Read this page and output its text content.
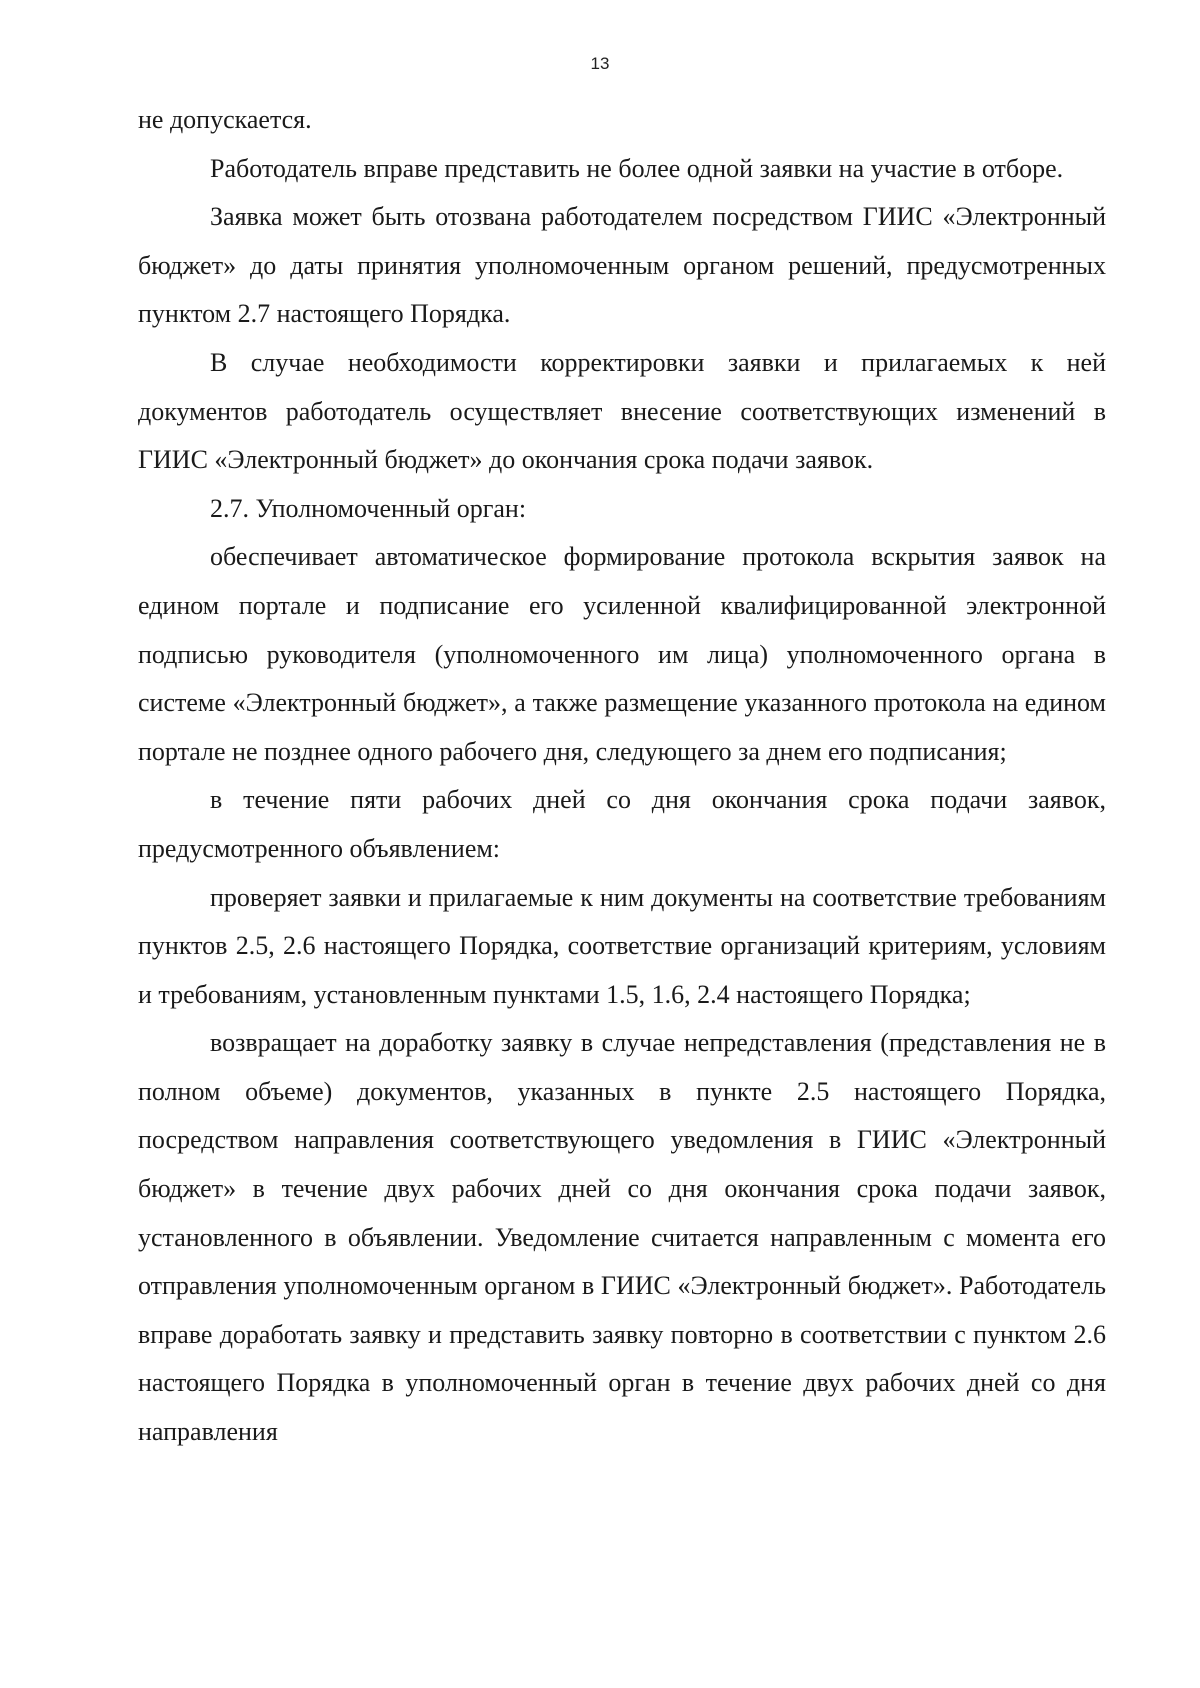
13

не допускается.

Работодатель вправе представить не более одной заявки на участие в отборе.

Заявка может быть отозвана работодателем посредством ГИИС «Электронный бюджет» до даты принятия уполномоченным органом решений, предусмотренных пунктом 2.7 настоящего Порядка.

В случае необходимости корректировки заявки и прилагаемых к ней документов работодатель осуществляет внесение соответствующих изменений в ГИИС «Электронный бюджет» до окончания срока подачи заявок.

2.7. Уполномоченный орган:

обеспечивает автоматическое формирование протокола вскрытия заявок на едином портале и подписание его усиленной квалифицированной электронной подписью руководителя (уполномоченного им лица) уполномоченного органа в системе «Электронный бюджет», а также размещение указанного протокола на едином портале не позднее одного рабочего дня, следующего за днем его подписания;

в течение пяти рабочих дней со дня окончания срока подачи заявок, предусмотренного объявлением:

проверяет заявки и прилагаемые к ним документы на соответствие требованиям пунктов 2.5, 2.6 настоящего Порядка, соответствие организаций критериям, условиям и требованиям, установленным пунктами 1.5, 1.6, 2.4 настоящего Порядка;

возвращает на доработку заявку в случае непредставления (представления не в полном объеме) документов, указанных в пункте 2.5 настоящего Порядка, посредством направления соответствующего уведомления в ГИИС «Электронный бюджет» в течение двух рабочих дней со дня окончания срока подачи заявок, установленного в объявлении. Уведомление считается направленным с момента его отправления уполномоченным органом в ГИИС «Электронный бюджет». Работодатель вправе доработать заявку и представить заявку повторно в соответствии с пунктом 2.6 настоящего Порядка в уполномоченный орган в течение двух рабочих дней со дня направления
